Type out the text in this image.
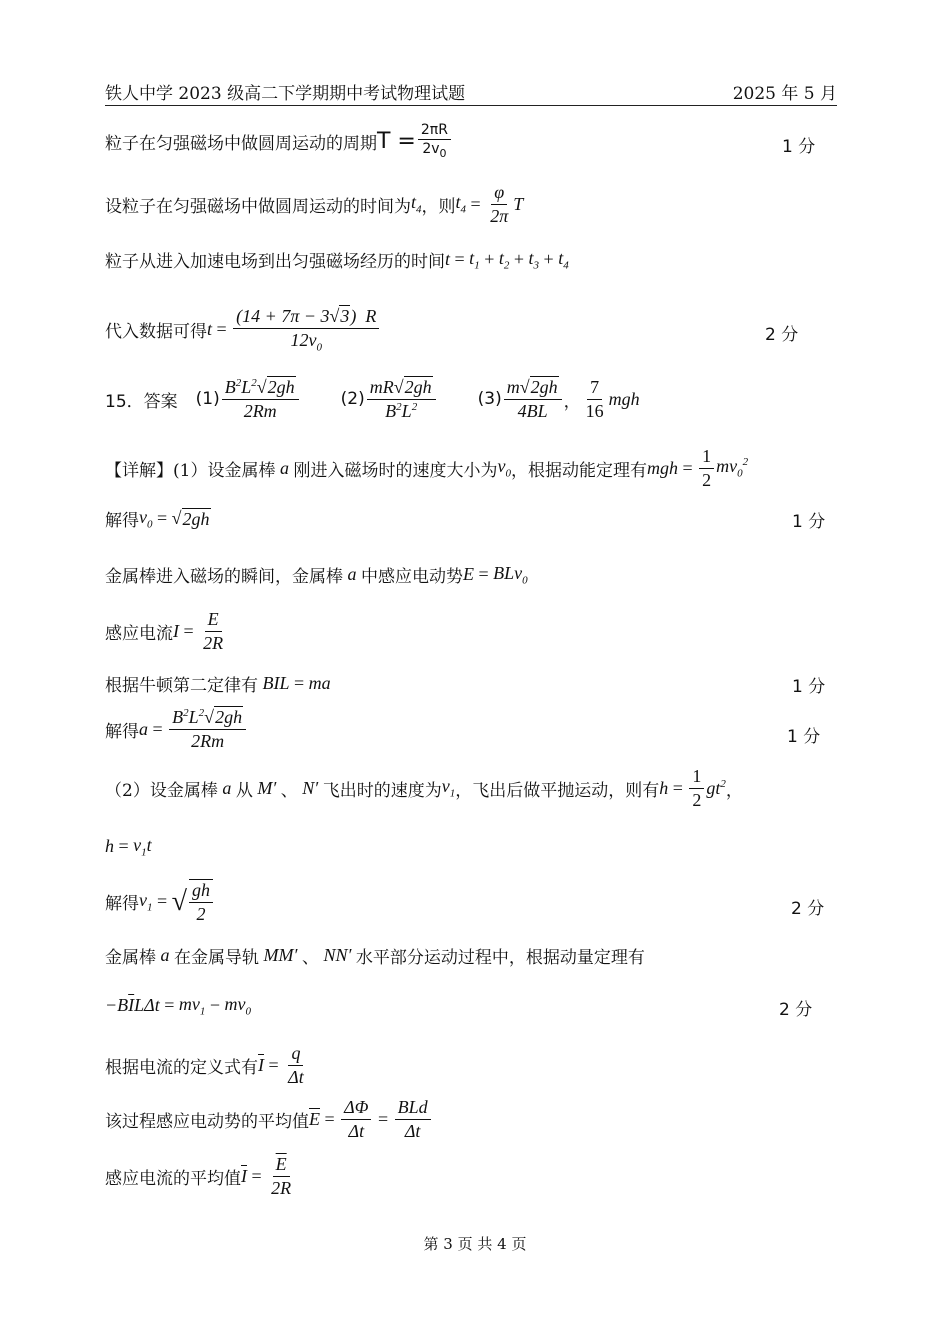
铁人中学 2023 级高二下学期期中考试物理试题	2025 年 5 月
粒子在匀强磁场中做圆周运动的周期 $T = \frac{2\pi R}{2v_0}$	1 分
设粒子在匀强磁场中做圆周运动的时间为 $t_4$ ，则 $t_4 = \frac{\varphi}{2\pi}$ T
粒子从进入加速电场到出匀强磁场经历的时间 $t = t_1 + t_2 + t_3 + t_4$
代入数据可得 $t = \frac{(14 + 7\pi - 3√3) R}{12v_0}$	2 分
15．答案 $(1) \frac{B^2L^2√2gh}{2Rm} (2) \frac{mR√2gh}{B^2L^2} (3) \frac{m√2gh}{4BL}$ ， $\frac{7}{16}$ mgh
【详解】(1）设金属棒 a 刚进入磁场时的速度大小为 $v_0$ ，根据动能定理有 mgh = $\frac{1}{2} mv_0^2$
解得 $v_0$ = √ 2gh	1 分
金属棒进入磁场的瞬间，金属棒 a 中感应电动势 E = BLv$_0$
感应电流 $I = \frac{E}{2R}$
根据牛顿第二定律有 BIL = ma	1 分
解得 $a = \frac{B^2L^2√2gh}{2Rm}$	1 分
（2）设金属棒 a 从 M′ 、 N′ 飞出时的速度为 $v_1$ ，飞出后做平抛运动，则有 $h = \frac{1}{2} gt^2$ ，
$h = v_1t$
解得 $v_1$ = √ $\frac{gh}{2}$	2 分
金属棒 a 在金属导轨 MM′ 、 NN′ 水平部分运动过程中，根据动量定理有
$-B\overline{I}L\Delta t = mv_1 - mv_0$	2 分
根据电流的定义式有 $\overline{I} = \frac{q}{\Delta t}$
该过程感应电动势的平均值 $\overline{E} = \frac{\Delta\Phi}{\Delta t} = \frac{\text{BLd}}{\Delta t}$
感应电流的平均值 $\overline{I} = \frac{\overline{E}}{2R}$
第 3 页 共 4 页
